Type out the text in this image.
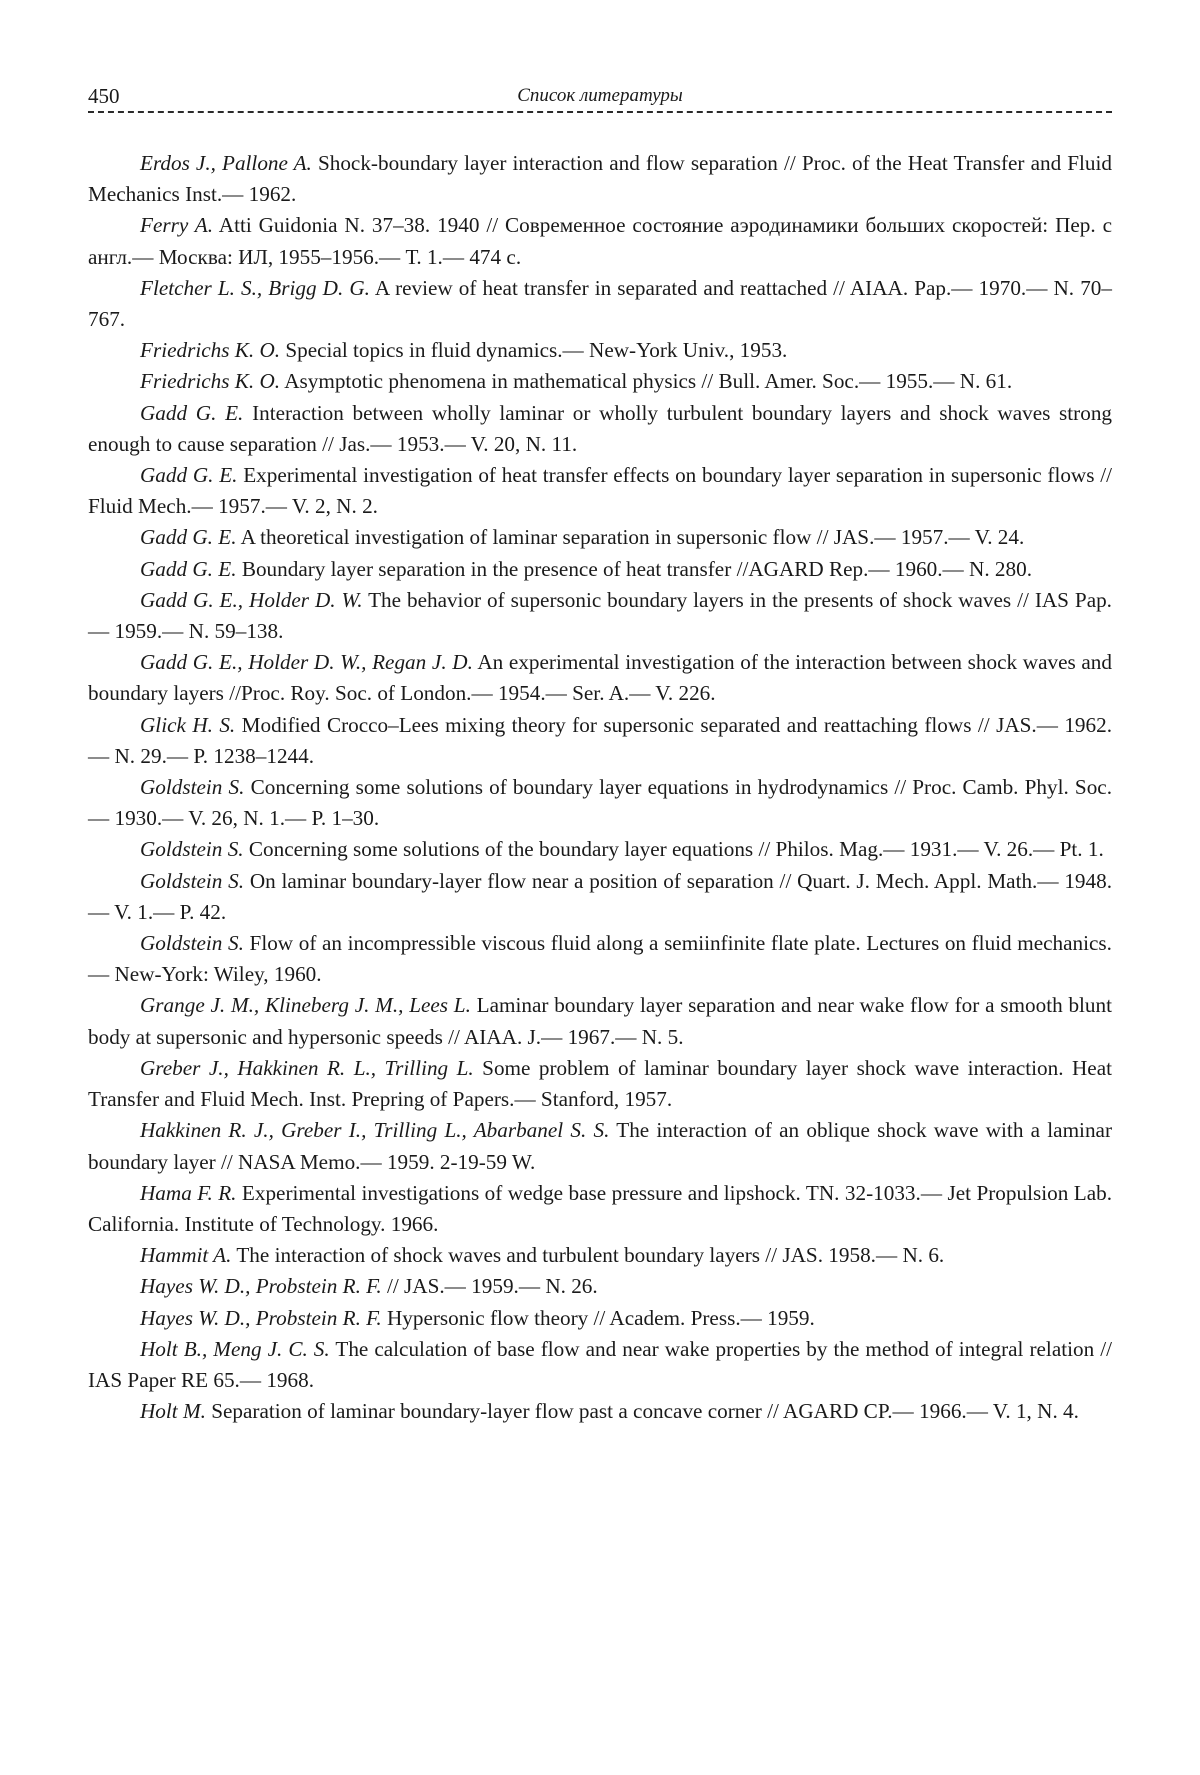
Список литературы
450
Erdos J., Pallone A. Shock-boundary layer interaction and flow separation // Proc. of the Heat Transfer and Fluid Mechanics Inst.— 1962.
Ferry A. Atti Guidonia N. 37–38. 1940 // Современное состояние аэродинамики больших скоростей: Пер. с англ.— Москва: ИЛ, 1955–1956.— Т. 1.— 474 с.
Fletcher L. S., Brigg D. G. A review of heat transfer in separated and reattached // AIAA. Pap.— 1970.— N. 70–767.
Friedrichs K. O. Special topics in fluid dynamics.— New-York Univ., 1953.
Friedrichs K. O. Asymptotic phenomena in mathematical physics // Bull. Amer. Soc.— 1955.— N. 61.
Gadd G. E. Interaction between wholly laminar or wholly turbulent boundary layers and shock waves strong enough to cause separation // Jas.— 1953.— V. 20, N. 11.
Gadd G. E. Experimental investigation of heat transfer effects on boundary layer separation in supersonic flows // Fluid Mech.— 1957.— V. 2, N. 2.
Gadd G. E. A theoretical investigation of laminar separation in supersonic flow // JAS.— 1957.— V. 24.
Gadd G. E. Boundary layer separation in the presence of heat transfer //AGARD Rep.— 1960.— N. 280.
Gadd G. E., Holder D. W. The behavior of supersonic boundary layers in the presents of shock waves // IAS Pap.— 1959.— N. 59–138.
Gadd G. E., Holder D. W., Regan J. D. An experimental investigation of the interaction between shock waves and boundary layers //Proc. Roy. Soc. of London.— 1954.— Ser. A.— V. 226.
Glick H. S. Modified Crocco–Lees mixing theory for supersonic separated and reattaching flows // JAS.— 1962.— N. 29.— P. 1238–1244.
Goldstein S. Concerning some solutions of boundary layer equations in hydrodynamics // Proc. Camb. Phyl. Soc.— 1930.— V. 26, N. 1.— P. 1–30.
Goldstein S. Concerning some solutions of the boundary layer equations // Philos. Mag.— 1931.— V. 26.— Pt. 1.
Goldstein S. On laminar boundary-layer flow near a position of separation // Quart. J. Mech. Appl. Math.— 1948.— V. 1.— P. 42.
Goldstein S. Flow of an incompressible viscous fluid along a semiinfinite flate plate. Lectures on fluid mechanics.— New-York: Wiley, 1960.
Grange J. M., Klineberg J. M., Lees L. Laminar boundary layer separation and near wake flow for a smooth blunt body at supersonic and hypersonic speeds // AIAA. J.— 1967.— N. 5.
Greber J., Hakkinen R. L., Trilling L. Some problem of laminar boundary layer shock wave interaction. Heat Transfer and Fluid Mech. Inst. Prepring of Papers.— Stanford, 1957.
Hakkinen R. J., Greber I., Trilling L., Abarbanel S. S. The interaction of an oblique shock wave with a laminar boundary layer // NASA Memo.— 1959. 2-19-59 W.
Hama F. R. Experimental investigations of wedge base pressure and lipshock. TN. 32-1033.— Jet Propulsion Lab. California. Institute of Technology. 1966.
Hammit A. The interaction of shock waves and turbulent boundary layers // JAS. 1958.— N. 6.
Hayes W. D., Probstein R. F. // JAS.— 1959.— N. 26.
Hayes W. D., Probstein R. F. Hypersonic flow theory // Academ. Press.— 1959.
Holt B., Meng J. C. S. The calculation of base flow and near wake properties by the method of integral relation // IAS Paper RE 65.— 1968.
Holt M. Separation of laminar boundary-layer flow past a concave corner // AGARD CP.— 1966.— V. 1, N. 4.
